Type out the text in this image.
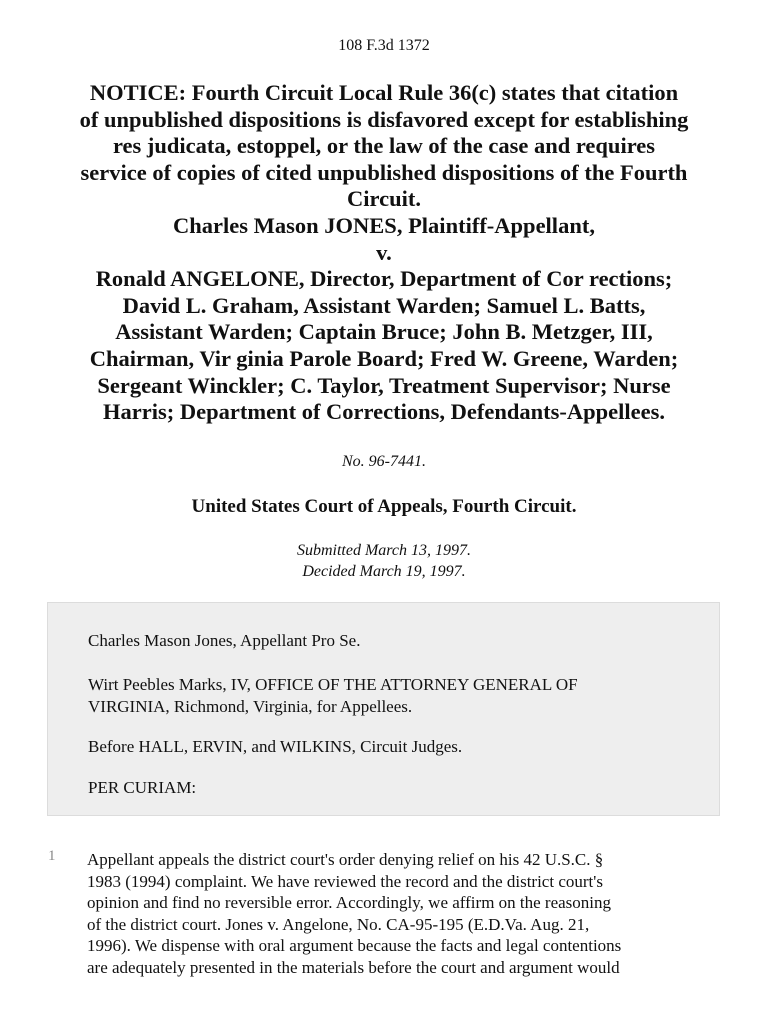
108 F.3d 1372
NOTICE: Fourth Circuit Local Rule 36(c) states that citation
of unpublished dispositions is disfavored except for establishing
res judicata, estoppel, or the law of the case and requires
service of copies of cited unpublished dispositions of the Fourth
Circuit.
Charles Mason JONES, Plaintiff-Appellant,
v.
Ronald ANGELONE, Director, Department of Cor rections;
David L. Graham, Assistant Warden; Samuel L. Batts,
Assistant Warden; Captain Bruce; John B. Metzger, III,
Chairman, Vir ginia Parole Board; Fred W. Greene, Warden;
Sergeant Winckler; C. Taylor, Treatment Supervisor; Nurse
Harris; Department of Corrections, Defendants-Appellees.
No. 96-7441.
United States Court of Appeals, Fourth Circuit.
Submitted March 13, 1997.
Decided March 19, 1997.
Charles Mason Jones, Appellant Pro Se.
Wirt Peebles Marks, IV, OFFICE OF THE ATTORNEY GENERAL OF
VIRGINIA, Richmond, Virginia, for Appellees.
Before HALL, ERVIN, and WILKINS, Circuit Judges.
PER CURIAM:
1 Appellant appeals the district court's order denying relief on his 42 U.S.C. §
1983 (1994) complaint. We have reviewed the record and the district court's
opinion and find no reversible error. Accordingly, we affirm on the reasoning
of the district court. Jones v. Angelone, No. CA-95-195 (E.D.Va. Aug. 21,
1996). We dispense with oral argument because the facts and legal contentions
are adequately presented in the materials before the court and argument would
